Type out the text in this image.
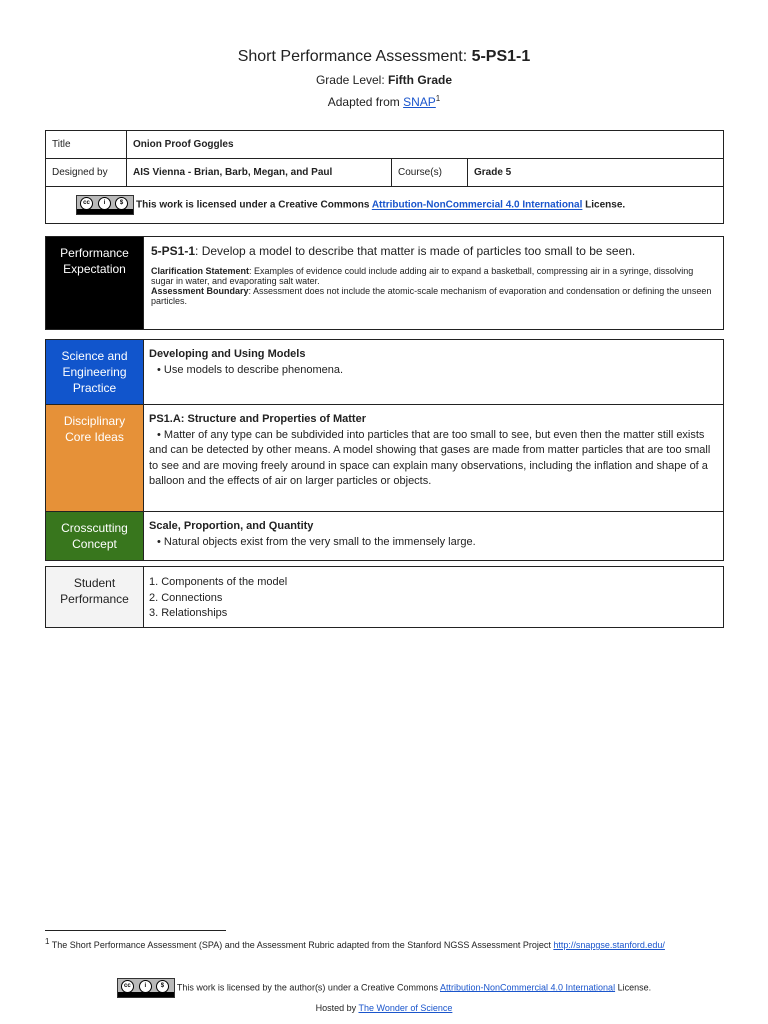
Short Performance Assessment: 5-PS1-1
Grade Level: Fifth Grade
Adapted from SNAP$^1$
Title	Onion Proof Goggles		
Designed by	AIS Vienna - Brian, Barb, Megan, and Paul	Course(s)	Grade 5

cc i $ This work is licensed under a Creative Commons Attribution-NonCommercial 4.0 International License.			
Performance Expectation	
5-PS1-1: Develop a model to describe that matter is made of particles too small to be seen.
Clarification Statement: Examples of evidence could include adding air to expand a basketball, compressing air in a syringe, dissolving sugar in water, and evaporating salt water.
Assessment Boundary: Assessment does not include the atomic-scale mechanism of evaporation and condensation or defining the unseen particles.
Science and Engineering Practice	Developing and Using Models
• Use models to describe phenomena.
Disciplinary Core Ideas	PS1.A: Structure and Properties of Matter
• Matter of any type can be subdivided into particles that are too small to see, but even then the matter still exists and can be detected by other means. A model showing that gases are made from matter particles that are too small to see and are moving freely around in space can explain many observations, including the inflation and shape of a balloon and the effects of air on larger particles or objects.
Crosscutting Concept	Scale, Proportion, and Quantity
• Natural objects exist from the very small to the immensely large.
Student Performance	
1. Components of the model
2. Connections
3. Relationships
$^1$ The Short Performance Assessment (SPA) and the Assessment Rubric adapted from the Stanford NGSS Assessment Project http://snapgse.stanford.edu/
cc	i	$	This work is licensed by the author(s) under a Creative Commons Attribution-NonCommercial 4.0 International License.
Hosted by The Wonder of Science
